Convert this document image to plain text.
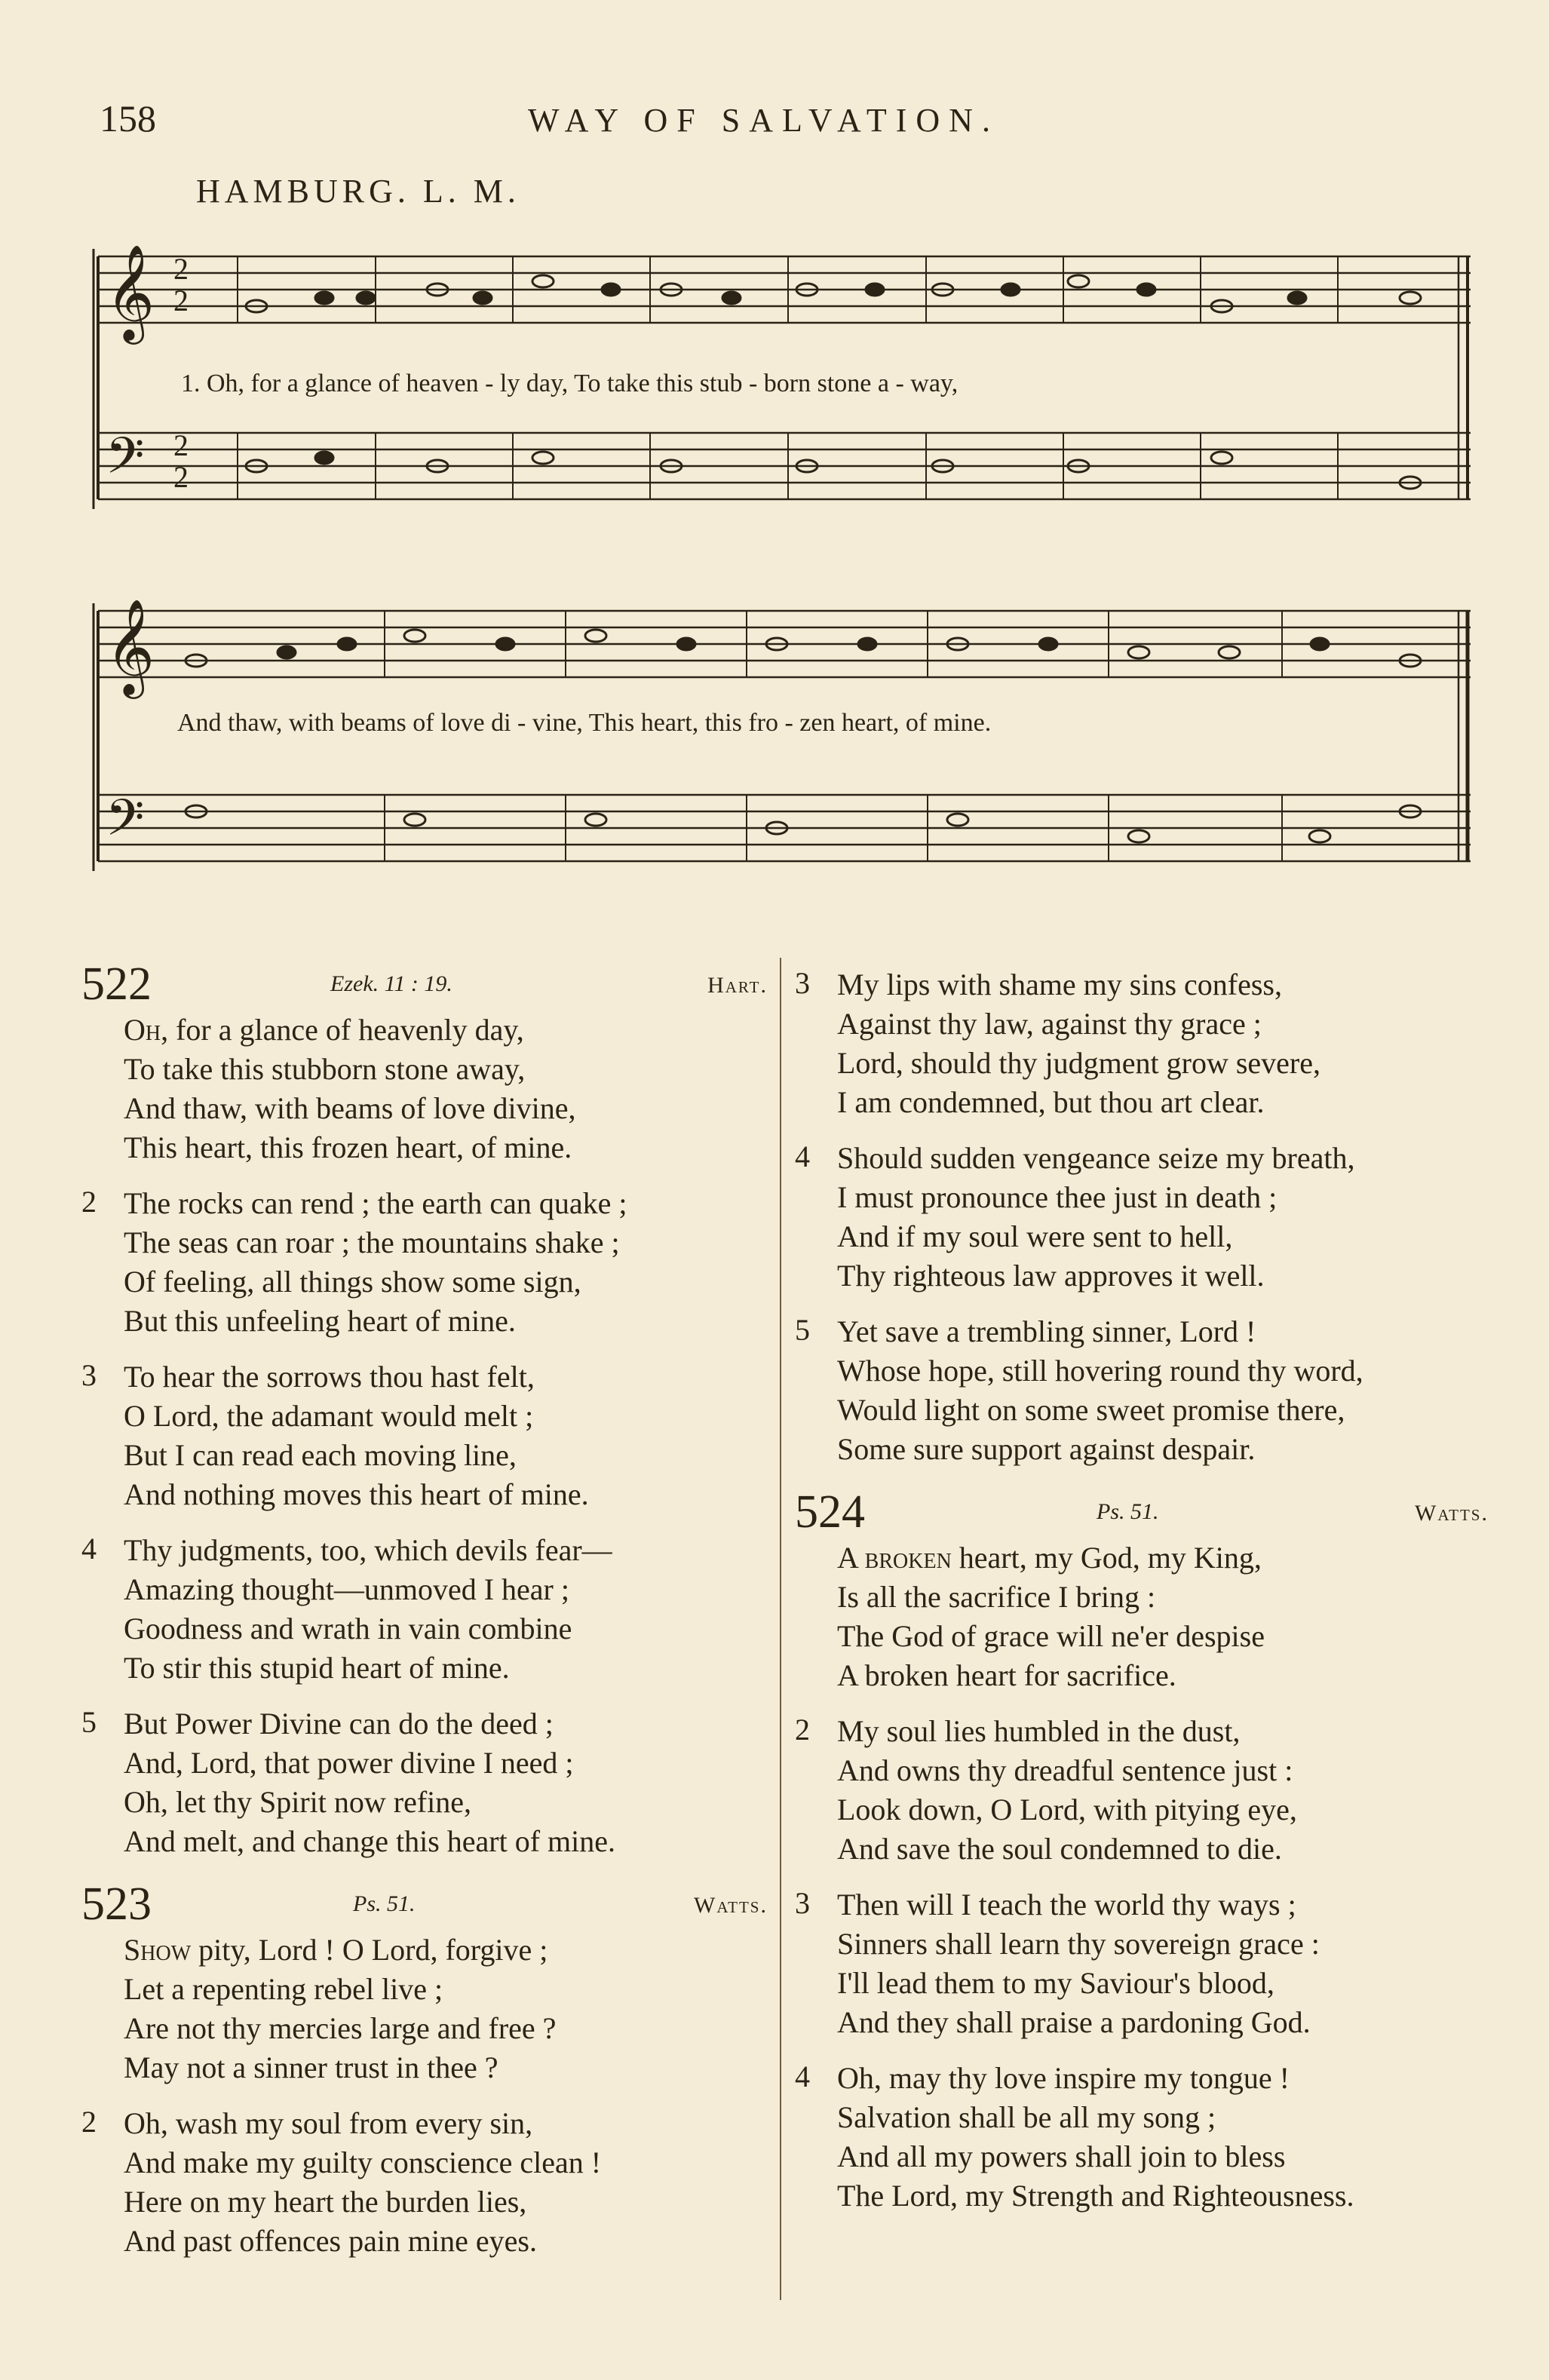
158	WAY OF SALVATION.
HAMBURG. L. M.
𝄞
𝄢
2
2
2
2
1. Oh, for a glance of heaven - ly day, To take this stub - born stone a - way,
𝄞
𝄢
And thaw, with beams of love di - vine, This heart, this fro - zen heart, of mine.
522	Ezek. 11 : 19.	Hart.
Oh, for a glance of heavenly day,
To take this stubborn stone away,
And thaw, with beams of love divine,
This heart, this frozen heart, of mine.
2 The rocks can rend ; the earth can quake ;
The seas can roar ; the mountains shake ;
Of feeling, all things show some sign,
But this unfeeling heart of mine.
3 To hear the sorrows thou hast felt,
O Lord, the adamant would melt ;
But I can read each moving line,
And nothing moves this heart of mine.
4 Thy judgments, too, which devils fear—
Amazing thought—unmoved I hear ;
Goodness and wrath in vain combine
To stir this stupid heart of mine.
5 But Power Divine can do the deed ;
And, Lord, that power divine I need ;
Oh, let thy Spirit now refine,
And melt, and change this heart of mine.
523	Ps. 51.	Watts.
Show pity, Lord ! O Lord, forgive ;
Let a repenting rebel live ;
Are not thy mercies large and free ?
May not a sinner trust in thee ?
2 Oh, wash my soul from every sin,
And make my guilty conscience clean !
Here on my heart the burden lies,
And past offences pain mine eyes.
3 My lips with shame my sins confess,
Against thy law, against thy grace ;
Lord, should thy judgment grow severe,
I am condemned, but thou art clear.
4 Should sudden vengeance seize my breath,
I must pronounce thee just in death ;
And if my soul were sent to hell,
Thy righteous law approves it well.
5 Yet save a trembling sinner, Lord !
Whose hope, still hovering round thy word,
Would light on some sweet promise there,
Some sure support against despair.
524	Ps. 51.	Watts.
A broken heart, my God, my King,
Is all the sacrifice I bring :
The God of grace will ne'er despise
A broken heart for sacrifice.
2 My soul lies humbled in the dust,
And owns thy dreadful sentence just :
Look down, O Lord, with pitying eye,
And save the soul condemned to die.
3 Then will I teach the world thy ways ;
Sinners shall learn thy sovereign grace :
I'll lead them to my Saviour's blood,
And they shall praise a pardoning God.
4 Oh, may thy love inspire my tongue !
Salvation shall be all my song ;
And all my powers shall join to bless
The Lord, my Strength and Righteousness.
